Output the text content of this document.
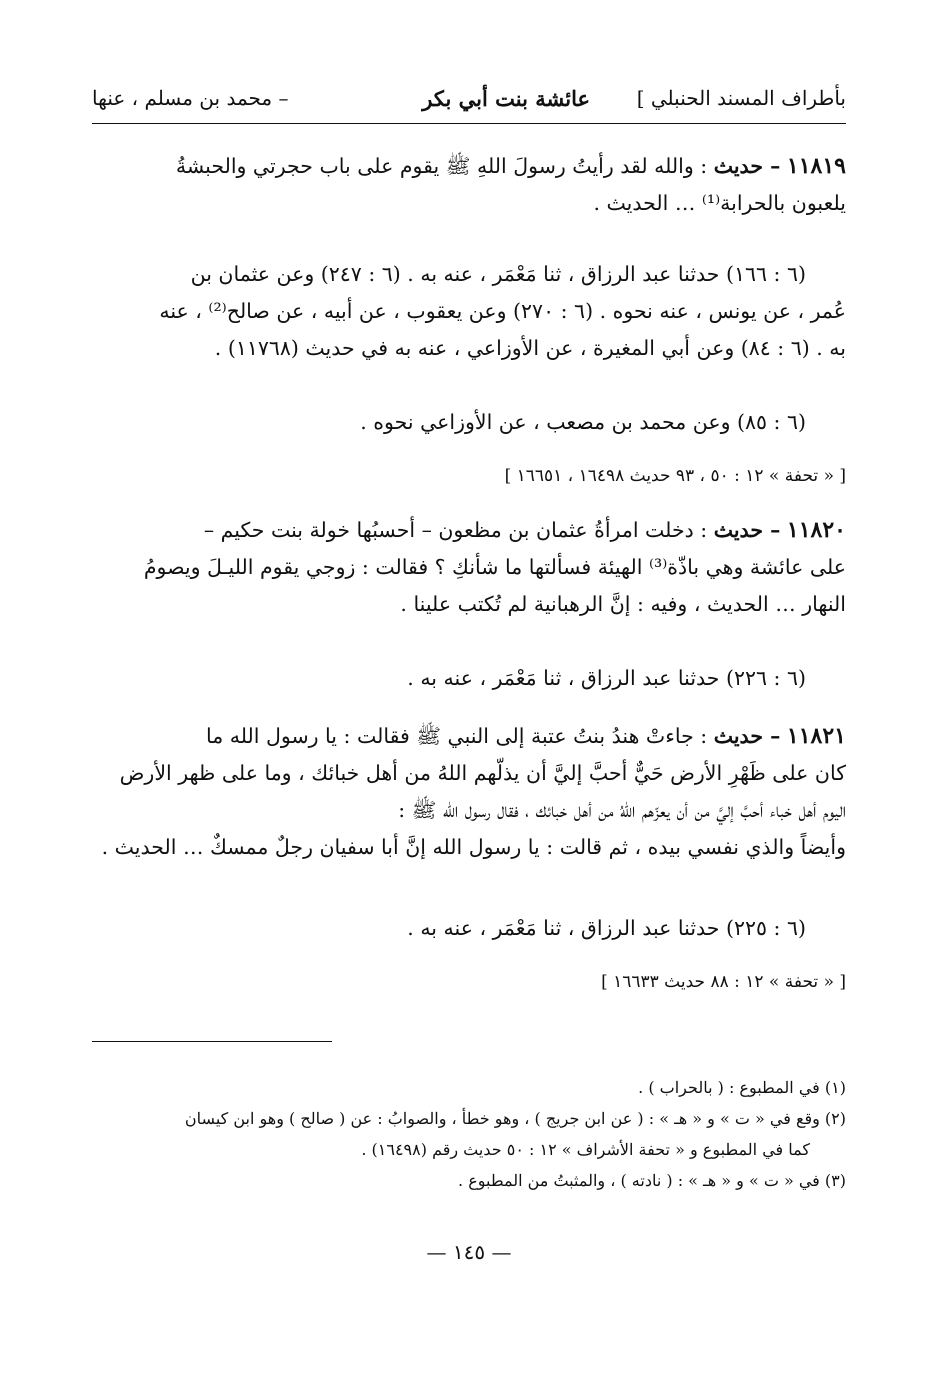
بأطراف المسند الحنبلي ]
عائشة بنت أبي بكر
– محمد بن مسلم ، عنها

١١٨١٩ – حديث : والله لقد رأيتُ رسولَ اللهِ ﷺ يقوم على باب حجرتي والحبشةُ

يلعبون بالحرابة⁽¹⁾ … الحديث .

(٦ : ١٦٦) حدثنا عبد الرزاق ، ثنا مَعْمَر ، عنه به . (٦ : ٢٤٧) وعن عثمان بن

عُمر ، عن يونس ، عنه نحوه . (٦ : ٢٧٠) وعن يعقوب ، عن أبيه ، عن صالح⁽²⁾ ، عنه

به . (٦ : ٨٤) وعن أبي المغيرة ، عن الأوزاعي ، عنه به في حديث (١١٧٦٨) .

(٦ : ٨٥) وعن محمد بن مصعب ، عن الأوزاعي نحوه .

[ « تحفة » ١٢ : ٥٠ ، ٩٣ حديث ١٦٤٩٨ ، ١٦٦٥١ ]

١١٨٢٠ – حديث : دخلت امرأةُ عثمان بن مظعون – أحسبُها خولة بنت حكيم –

على عائشة وهي باذّة⁽³⁾ الهيئة فسألتها ما شأنكِ ؟ فقالت : زوجي يقوم الليـلَ ويصومُ

النهار … الحديث ، وفيه : إنَّ الرهبانية لم تُكتب علينا .

(٦ : ٢٢٦) حدثنا عبد الرزاق ، ثنا مَعْمَر ، عنه به .

١١٨٢١ – حديث : جاءتْ هندُ بنتُ عتبة إلى النبي ﷺ فقالت : يا رسول الله ما

كان على ظَهْرِ الأرض حَيٌّ أحبَّ إليَّ أن يذلّهم اللهُ من أهل خبائك ، وما على ظهر الأرض

اليوم أهل خباء أحبَّ إليَّ من أن يعزّهم اللهُ من أهل خبائك ، فقال رسول الله ﷺ :

وأيضاً والذي نفسي بيده ، ثم قالت : يا رسول الله إنَّ أبا سفيان رجلٌ ممسكٌ … الحديث .

(٦ : ٢٢٥) حدثنا عبد الرزاق ، ثنا مَعْمَر ، عنه به .

[ « تحفة » ١٢ : ٨٨ حديث ١٦٦٣٣ ]

(١) في المطبوع : ( بالحراب ) .

(٢) وقع في « ت » و « هـ » : ( عن ابن جريج ) ، وهو خطأ ، والصوابُ : عن ( صالح ) وهو ابن كيسان

كما في المطبوع و « تحفة الأشراف » ١٢ : ٥٠ حديث رقم (١٦٤٩٨) .

(٣) في « ت » و « هـ » : ( نادته ) ، والمثبتُ من المطبوع .

— ١٤٥ —
